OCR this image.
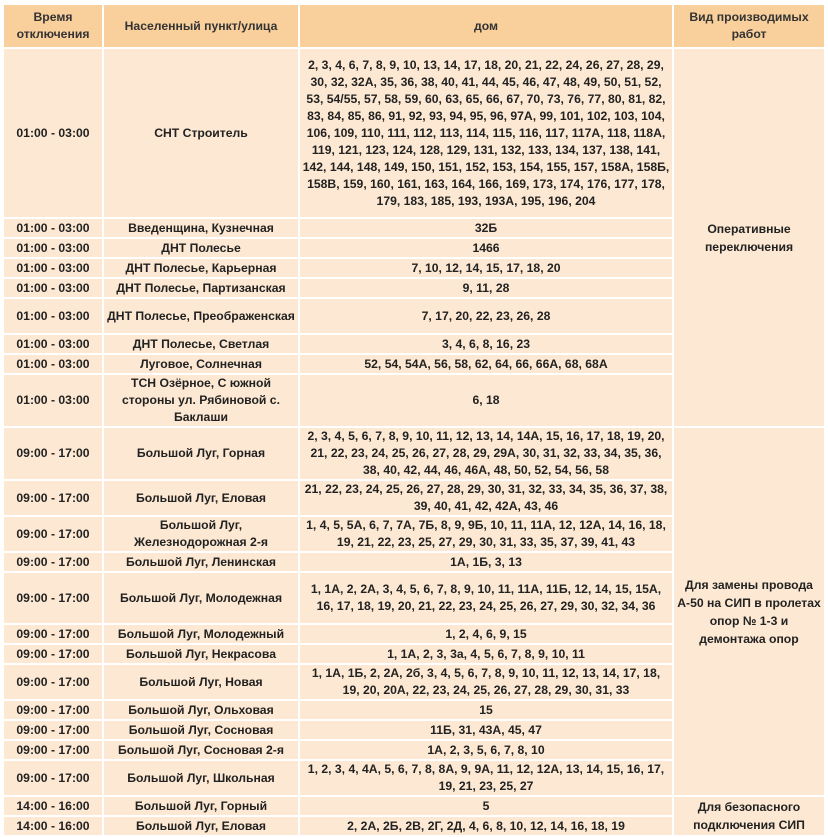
Время отключения	Населенный пункт/улица	дом	Вид производимых работ
01:00 - 03:00	СНТ Строитель	2, 3, 4, 6, 7, 8, 9, 10, 13, 14, 17, 18, 20, 21, 22, 24, 26, 27, 28, 29, 30, 32, 32А, 35, 36, 38, 40, 41, 44, 45, 46, 47, 48, 49, 50, 51, 52, 53, 54/55, 57, 58, 59, 60, 63, 65, 66, 67, 70, 73, 76, 77, 80, 81, 82, 83, 84, 85, 86, 91, 92, 93, 94, 95, 96, 97А, 99, 101, 102, 103, 104, 106, 109, 110, 111, 112, 113, 114, 115, 116, 117, 117А, 118, 118А, 119, 121, 123, 124, 128, 129, 131, 132, 133, 134, 137, 138, 141, 142, 144, 148, 149, 150, 151, 152, 153, 154, 155, 157, 158А, 158Б, 158В, 159, 160, 161, 163, 164, 166, 169, 173, 174, 176, 177, 178, 179, 183, 185, 193, 193А, 195, 196, 204	Оперативные переключения
01:00 - 03:00	Введенщина, Кузнечная	32Б	
01:00 - 03:00	ДНТ Полесье	1466	
01:00 - 03:00	ДНТ Полесье, Карьерная	7, 10, 12, 14, 15, 17, 18, 20	
01:00 - 03:00	ДНТ Полесье, Партизанская	9, 11, 28	
01:00 - 03:00	ДНТ Полесье, Преображенская	7, 17, 20, 22, 23, 26, 28	
01:00 - 03:00	ДНТ Полесье, Светлая	3, 4, 6, 8, 16, 23	
01:00 - 03:00	Луговое, Солнечная	52, 54, 54А, 56, 58, 62, 64, 66, 66А, 68, 68А	
01:00 - 03:00	ТСН Озёрное, С южной стороны ул. Рябиновой с. Баклаши	6, 18	
09:00 - 17:00	Большой Луг, Горная	2, 3, 4, 5, 6, 7, 8, 9, 10, 11, 12, 13, 14, 14А, 15, 16, 17, 18, 19, 20, 21, 22, 23, 24, 25, 26, 27, 28, 29, 29А, 30, 31, 32, 33, 34, 35, 36, 38, 40, 42, 44, 46, 46А, 48, 50, 52, 54, 56, 58	Для замены провода А-50 на СИП в пролетах опор № 1-3 и демонтажа опор
09:00 - 17:00	Большой Луг, Еловая	21, 22, 23, 24, 25, 26, 27, 28, 29, 30, 31, 32, 33, 34, 35, 36, 37, 38, 39, 40, 41, 42, 42А, 43, 46	
09:00 - 17:00	Большой Луг, Железнодорожная 2-я	1, 4, 5, 5А, 6, 7, 7А, 7Б, 8, 9, 9Б, 10, 11, 11А, 12, 12А, 14, 16, 18, 19, 21, 22, 23, 25, 27, 29, 30, 31, 33, 35, 37, 39, 41, 43	
09:00 - 17:00	Большой Луг, Ленинская	1А, 1Б, 3, 13	
09:00 - 17:00	Большой Луг, Молодежная	1, 1А, 2, 2А, 3, 4, 5, 6, 7, 8, 9, 10, 11, 11А, 11Б, 12, 14, 15, 15А, 16, 17, 18, 19, 20, 21, 22, 23, 24, 25, 26, 27, 29, 30, 32, 34, 36	
09:00 - 17:00	Большой Луг, Молодежный	1, 2, 4, 6, 9, 15	
09:00 - 17:00	Большой Луг, Некрасова	1, 1А, 2, 3, 3а, 4, 5, 6, 7, 8, 9, 10, 11	
09:00 - 17:00	Большой Луг, Новая	1, 1А, 1Б, 2, 2А, 2б, 3, 4, 5, 6, 7, 8, 9, 10, 11, 12, 13, 14, 17, 18, 19, 20, 20А, 22, 23, 24, 25, 26, 27, 28, 29, 30, 31, 33	
09:00 - 17:00	Большой Луг, Ольховая	15	
09:00 - 17:00	Большой Луг, Сосновая	11Б, 31, 43А, 45, 47	
09:00 - 17:00	Большой Луг, Сосновая 2-я	1А, 2, 3, 5, 6, 7, 8, 10	
09:00 - 17:00	Большой Луг, Школьная	1, 2, 3, 4, 4А, 5, 6, 7, 8, 8А, 9, 9А, 11, 12, 12А, 13, 14, 15, 16, 17, 19, 21, 23, 25, 27	
14:00 - 16:00	Большой Луг, Горный	5	Для безопасного подключения СИП
14:00 - 16:00	Большой Луг, Еловая	2, 2А, 2Б, 2В, 2Г, 2Д, 4, 6, 8, 10, 12, 14, 16, 18, 19	
